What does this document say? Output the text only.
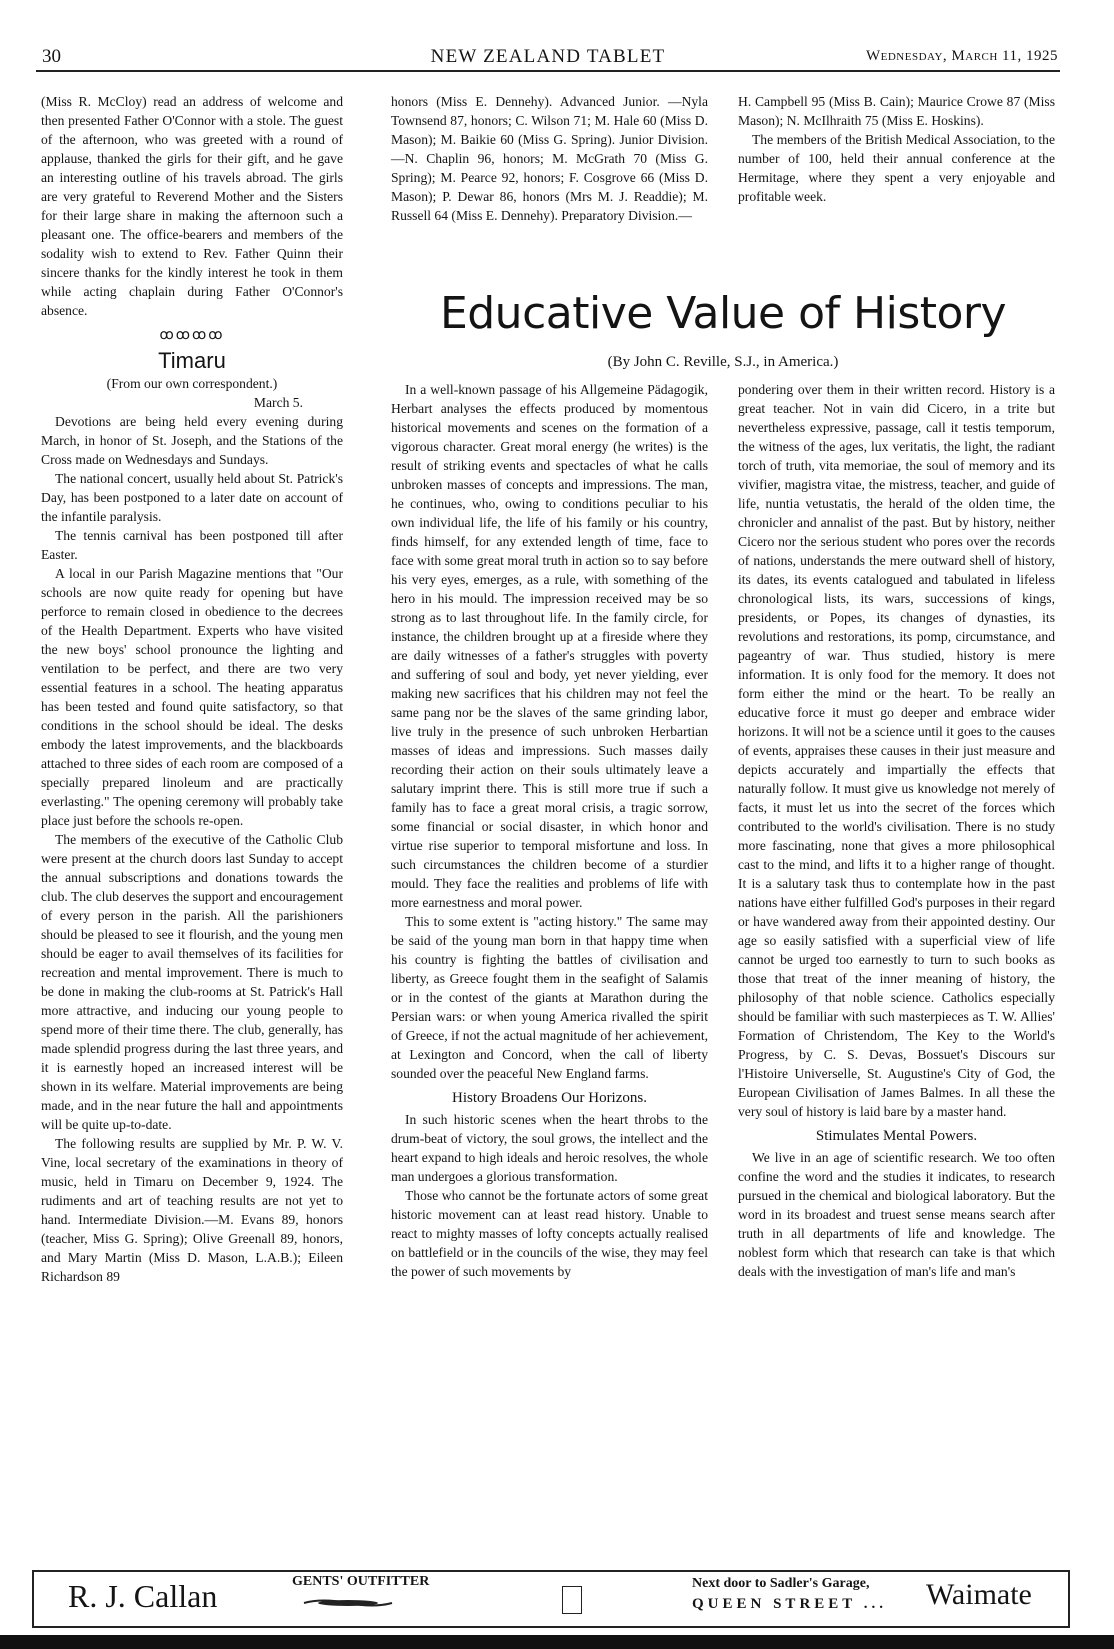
30	NEW ZEALAND TABLET	Wednesday, March 11, 1925

(Miss R. McCloy) read an address of welcome and then presented Father O'Connor with a stole. The guest of the afternoon, who was greeted with a round of applause, thanked the girls for their gift, and he gave an interesting outline of his travels abroad. The girls are very grateful to Reverend Mother and the Sisters for their large share in making the afternoon such a pleasant one. The office-bearers and members of the sodality wish to extend to Rev. Father Quinn their sincere thanks for the kindly interest he took in them while acting chaplain during Father O'Connor's absence.

ꝏꝏꝏꝏ
Timaru
(From our own correspondent.)
March 5.

Devotions are being held every evening during March, in honor of St. Joseph, and the Stations of the Cross made on Wednesdays and Sundays.

The national concert, usually held about St. Patrick's Day, has been postponed to a later date on account of the infantile paralysis.

The tennis carnival has been postponed till after Easter.

A local in our Parish Magazine mentions that "Our schools are now quite ready for opening but have perforce to remain closed in obedience to the decrees of the Health Department. Experts who have visited the new boys' school pronounce the lighting and ventilation to be perfect, and there are two very essential features in a school. The heating apparatus has been tested and found quite satisfactory, so that conditions in the school should be ideal. The desks embody the latest improvements, and the blackboards attached to three sides of each room are composed of a specially prepared linoleum and are practically everlasting." The opening ceremony will probably take place just before the schools re-open.

The members of the executive of the Catholic Club were present at the church doors last Sunday to accept the annual subscriptions and donations towards the club. The club deserves the support and encouragement of every person in the parish. All the parishioners should be pleased to see it flourish, and the young men should be eager to avail themselves of its facilities for recreation and mental improvement. There is much to be done in making the club-rooms at St. Patrick's Hall more attractive, and inducing our young people to spend more of their time there. The club, generally, has made splendid progress during the last three years, and it is earnestly hoped an increased interest will be shown in its welfare. Material improvements are being made, and in the near future the hall and appointments will be quite up-to-date.

The following results are supplied by Mr. P. W. V. Vine, local secretary of the examinations in theory of music, held in Timaru on December 9, 1924. The rudiments and art of teaching results are not yet to hand. Intermediate Division.—M. Evans 89, honors (teacher, Miss G. Spring); Olive Greenall 89, honors, and Mary Martin (Miss D. Mason, L.A.B.); Eileen Richardson 89

honors (Miss E. Dennehy). Advanced Junior. —Nyla Townsend 87, honors; C. Wilson 71; M. Hale 60 (Miss D. Mason); M. Baikie 60 (Miss G. Spring). Junior Division.—N. Chaplin 96, honors; M. McGrath 70 (Miss G. Spring); M. Pearce 92, honors; F. Cosgrove 66 (Miss D. Mason); P. Dewar 86, honors (Mrs M. J. Readdie); M. Russell 64 (Miss E. Dennehy). Preparatory Division.—

H. Campbell 95 (Miss B. Cain); Maurice Crowe 87 (Miss Mason); N. McIlhraith 75 (Miss E. Hoskins).

The members of the British Medical Association, to the number of 100, held their annual conference at the Hermitage, where they spent a very enjoyable and profitable week.

Educative Value of History
(By John C. Reville, S.J., in America.)

In a well-known passage of his Allgemeine Pädagogik, Herbart analyses the effects produced by momentous historical movements and scenes on the formation of a vigorous character. Great moral energy (he writes) is the result of striking events and spectacles of what he calls unbroken masses of concepts and impressions. The man, he continues, who, owing to conditions peculiar to his own individual life, the life of his family or his country, finds himself, for any extended length of time, face to face with some great moral truth in action so to say before his very eyes, emerges, as a rule, with something of the hero in his mould. The impression received may be so strong as to last throughout life. In the family circle, for instance, the children brought up at a fireside where they are daily witnesses of a father's struggles with poverty and suffering of soul and body, yet never yielding, ever making new sacrifices that his children may not feel the same pang nor be the slaves of the same grinding labor, live truly in the presence of such unbroken Herbartian masses of ideas and impressions. Such masses daily recording their action on their souls ultimately leave a salutary imprint there. This is still more true if such a family has to face a great moral crisis, a tragic sorrow, some financial or social disaster, in which honor and virtue rise superior to temporal misfortune and loss. In such circumstances the children become of a sturdier mould. They face the realities and problems of life with more earnestness and moral power.

This to some extent is "acting history." The same may be said of the young man born in that happy time when his country is fighting the battles of civilisation and liberty, as Greece fought them in the seafight of Salamis or in the contest of the giants at Marathon during the Persian wars: or when young America rivalled the spirit of Greece, if not the actual magnitude of her achievement, at Lexington and Concord, when the call of liberty sounded over the peaceful New England farms.

History Broadens Our Horizons.

In such historic scenes when the heart throbs to the drum-beat of victory, the soul grows, the intellect and the heart expand to high ideals and heroic resolves, the whole man undergoes a glorious transformation.

Those who cannot be the fortunate actors of some great historic movement can at least read history. Unable to react to mighty masses of lofty concepts actually realised on battlefield or in the councils of the wise, they may feel the power of such movements by

pondering over them in their written record. History is a great teacher. Not in vain did Cicero, in a trite but nevertheless expressive, passage, call it testis temporum, the witness of the ages, lux veritatis, the light, the radiant torch of truth, vita memoriae, the soul of memory and its vivifier, magistra vitae, the mistress, teacher, and guide of life, nuntia vetustatis, the herald of the olden time, the chronicler and annalist of the past. But by history, neither Cicero nor the serious student who pores over the records of nations, understands the mere outward shell of history, its dates, its events catalogued and tabulated in lifeless chronological lists, its wars, successions of kings, presidents, or Popes, its changes of dynasties, its revolutions and restorations, its pomp, circumstance, and pageantry of war. Thus studied, history is mere information. It is only food for the memory. It does not form either the mind or the heart. To be really an educative force it must go deeper and embrace wider horizons. It will not be a science until it goes to the causes of events, appraises these causes in their just measure and depicts accurately and impartially the effects that naturally follow. It must give us knowledge not merely of facts, it must let us into the secret of the forces which contributed to the world's civilisation. There is no study more fascinating, none that gives a more philosophical cast to the mind, and lifts it to a higher range of thought. It is a salutary task thus to contemplate how in the past nations have either fulfilled God's purposes in their regard or have wandered away from their appointed destiny. Our age so easily satisfied with a superficial view of life cannot be urged too earnestly to turn to such books as those that treat of the inner meaning of history, the philosophy of that noble science. Catholics especially should be familiar with such masterpieces as T. W. Allies' Formation of Christendom, The Key to the World's Progress, by C. S. Devas, Bossuet's Discours sur l'Histoire Universelle, St. Augustine's City of God, the European Civilisation of James Balmes. In all these the very soul of history is laid bare by a master hand.

Stimulates Mental Powers.

We live in an age of scientific research. We too often confine the word and the studies it indicates, to research pursued in the chemical and biological laboratory. But the word in its broadest and truest sense means search after truth in all departments of life and knowledge. The noblest form which that research can take is that which deals with the investigation of man's life and man's

R. J. Callan	GENTS' OUTFITTER	Next door to Sadler's Garage,
QUEEN STREET ... Waimate
